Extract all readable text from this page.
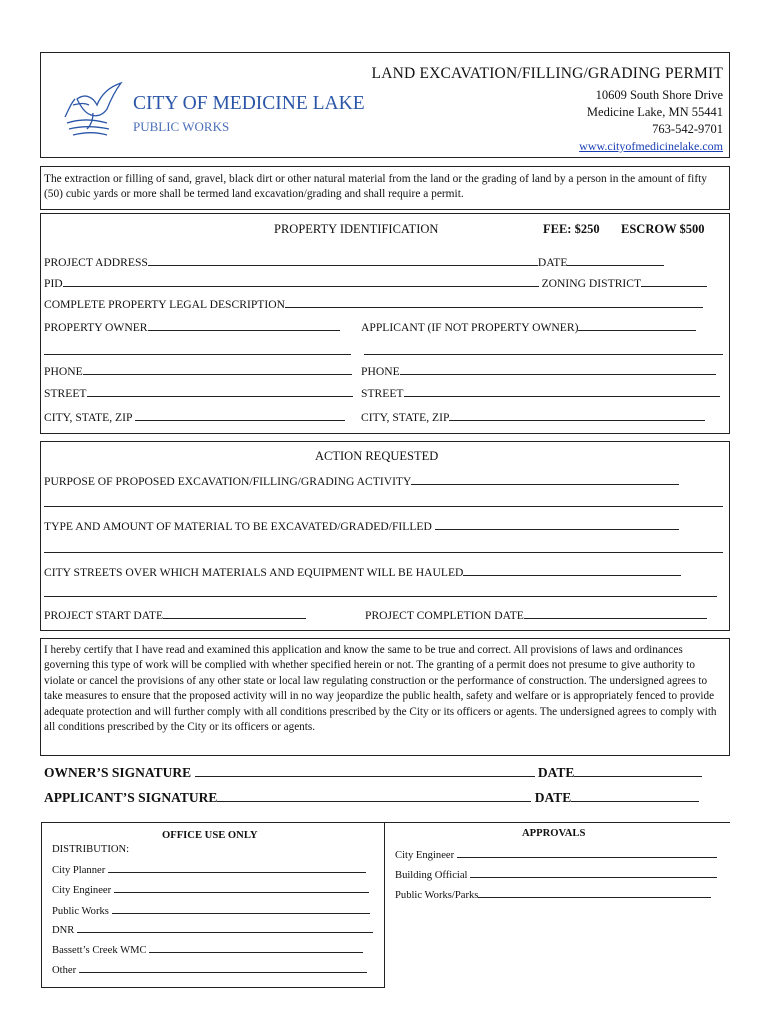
CITY OF MEDICINE LAKE
PUBLIC WORKS
LAND EXCAVATION/FILLING/GRADING PERMIT
10609 South Shore Drive
Medicine Lake, MN 55441
763-542-9701
www.cityofmedicinelake.com
The extraction or filling of sand, gravel, black dirt or other natural material from the land or the grading of land by a person in the amount of fifty (50) cubic yards or more shall be termed land excavation/grading and shall require a permit.
PROPERTY IDENTIFICATION	FEE: $250 ESCROW $500
PROJECT ADDRESS	DATE
PID	ZONING DISTRICT
COMPLETE PROPERTY LEGAL DESCRIPTION
PROPERTY OWNER	APPLICANT (IF NOT PROPERTY OWNER)
PHONE	PHONE
STREET	STREET
CITY, STATE, ZIP	CITY, STATE, ZIP
ACTION REQUESTED
PURPOSE OF PROPOSED EXCAVATION/FILLING/GRADING ACTIVITY
TYPE AND AMOUNT OF MATERIAL TO BE EXCAVATED/GRADED/FILLED
CITY STREETS OVER WHICH MATERIALS AND EQUIPMENT WILL BE HAULED
PROJECT START DATE	PROJECT COMPLETION DATE
I hereby certify that I have read and examined this application and know the same to be true and correct. All provisions of laws and ordinances governing this type of work will be complied with whether specified herein or not. The granting of a permit does not presume to give authority to violate or cancel the provisions of any other state or local law regulating construction or the performance of construction. The undersigned agrees to take measures to ensure that the proposed activity will in no way jeopardize the public health, safety and welfare or is appropriately fenced to provide adequate protection and will further comply with all conditions prescribed by the City or its officers or agents. The undersigned agrees to comply with all conditions prescribed by the City or its officers or agents.
OWNER’S SIGNATURE	DATE
APPLICANT’S SIGNATURE	DATE
OFFICE USE ONLY
DISTRIBUTION:
City Planner
City Engineer
Public Works
DNR
Bassett’s Creek WMC
Other
APPROVALS
City Engineer
Building Official
Public Works/Parks
